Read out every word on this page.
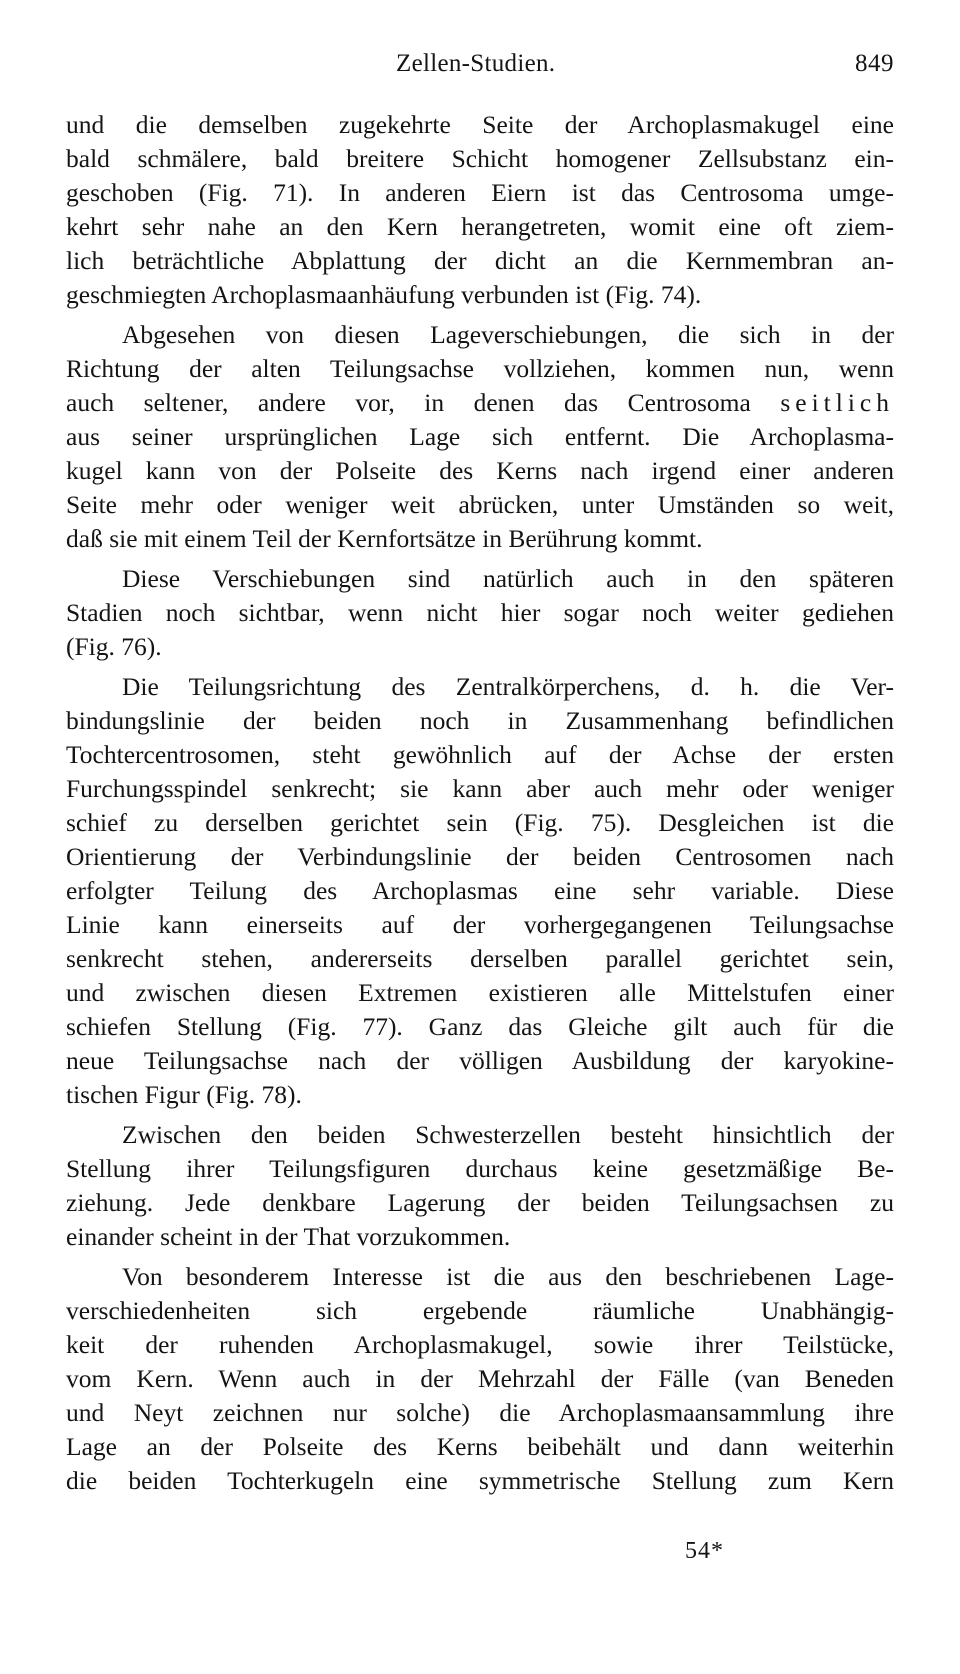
Zellen-Studien.	849
und die demselben zugekehrte Seite der Archoplasmakugel eine
bald schmälere, bald breitere Schicht homogener Zellsubstanz ein-
geschoben (Fig. 71). In anderen Eiern ist das Centrosoma umge-
kehrt sehr nahe an den Kern herangetreten, womit eine oft ziem-
lich beträchtliche Abplattung der dicht an die Kernmembran an-
geschmiegten Archoplasmaanhäufung verbunden ist (Fig. 74).
Abgesehen von diesen Lageverschiebungen, die sich in der
Richtung der alten Teilungsachse vollziehen, kommen nun, wenn
auch seltener, andere vor, in denen das Centrosoma seitlich
aus seiner ursprünglichen Lage sich entfernt. Die Archoplasma-
kugel kann von der Polseite des Kerns nach irgend einer anderen
Seite mehr oder weniger weit abrücken, unter Umständen so weit,
daß sie mit einem Teil der Kernfortsätze in Berührung kommt.
Diese Verschiebungen sind natürlich auch in den späteren
Stadien noch sichtbar, wenn nicht hier sogar noch weiter gediehen
(Fig. 76).
Die Teilungsrichtung des Zentralkörperchens, d. h. die Ver-
bindungslinie der beiden noch in Zusammenhang befindlichen
Tochtercentrosomen, steht gewöhnlich auf der Achse der ersten
Furchungsspindel senkrecht; sie kann aber auch mehr oder weniger
schief zu derselben gerichtet sein (Fig. 75). Desgleichen ist die
Orientierung der Verbindungslinie der beiden Centrosomen nach
erfolgter Teilung des Archoplasmas eine sehr variable. Diese
Linie kann einerseits auf der vorhergegangenen Teilungsachse
senkrecht stehen, andererseits derselben parallel gerichtet sein,
und zwischen diesen Extremen existieren alle Mittelstufen einer
schiefen Stellung (Fig. 77). Ganz das Gleiche gilt auch für die
neue Teilungsachse nach der völligen Ausbildung der karyokine-
tischen Figur (Fig. 78).
Zwischen den beiden Schwesterzellen besteht hinsichtlich der
Stellung ihrer Teilungsfiguren durchaus keine gesetzmäßige Be-
ziehung. Jede denkbare Lagerung der beiden Teilungsachsen zu
einander scheint in der That vorzukommen.
Von besonderem Interesse ist die aus den beschriebenen Lage-
verschiedenheiten sich ergebende räumliche Unabhängig-
keit der ruhenden Archoplasmakugel, sowie ihrer Teilstücke,
vom Kern. Wenn auch in der Mehrzahl der Fälle (van Beneden
und Neyt zeichnen nur solche) die Archoplasmaansammlung ihre
Lage an der Polseite des Kerns beibehält und dann weiterhin
die beiden Tochterkugeln eine symmetrische Stellung zum Kern
54*
